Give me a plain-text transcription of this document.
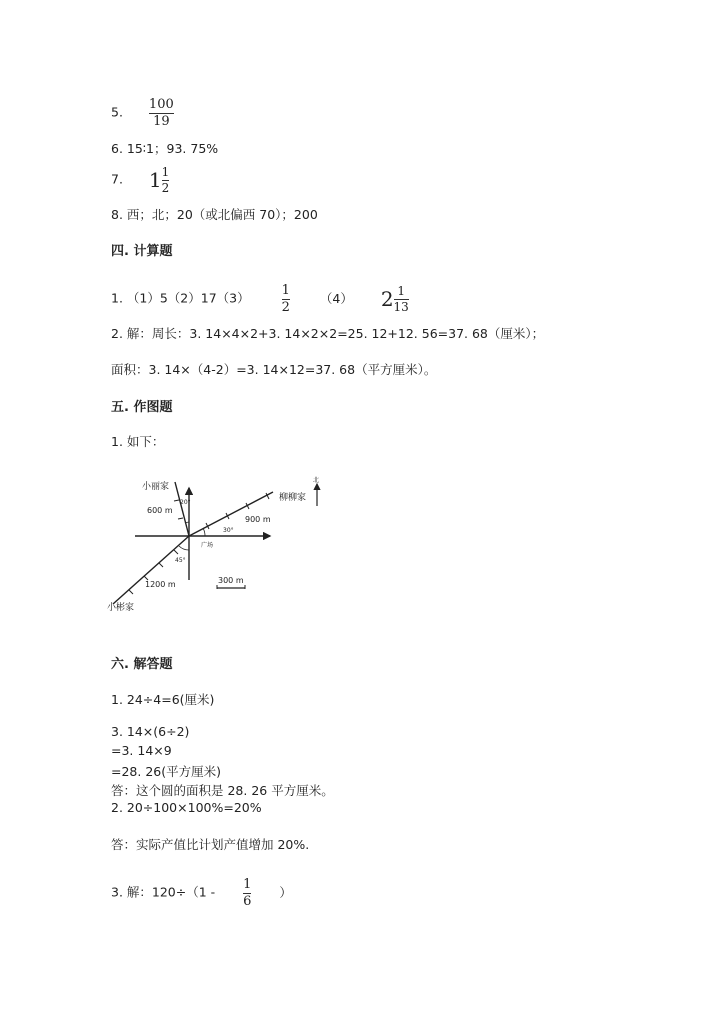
5. $\frac{100}{19}$
6. 15∶1；93. 75%
7. $1 \frac{1}{2}$
8. 西；北；20（或北偏西 70）；200
四. 计算题
1. $(1)5(2)17(3) \frac{1}{2} (4)$ $2 \frac{1}{13}$
2. 解：周长：3. 14×4×2+3. 14×2×2=25. 12+12. 56=37. 68（厘米）；
面积：3. 14×（4-2）=3. 14×12=37. 68（平方厘米）。
五. 作图题
1. 如下：
北
小丽家
柳柳家
小彬家
广场
600 m
900 m
1200 m
20°
30°
45°
300 m
六. 解答题
1. 24÷4=6(厘米)
3. 14×(6÷2)
=3. 14×9
=28. 26(平方厘米)
答：这个圆的面积是 28. 26 平方厘米。
2. 20÷100×100%=20%
答：实际产值比计划产值增加 20%.
3. 解：$120\div(1 - \frac{1}{6}$ ）
